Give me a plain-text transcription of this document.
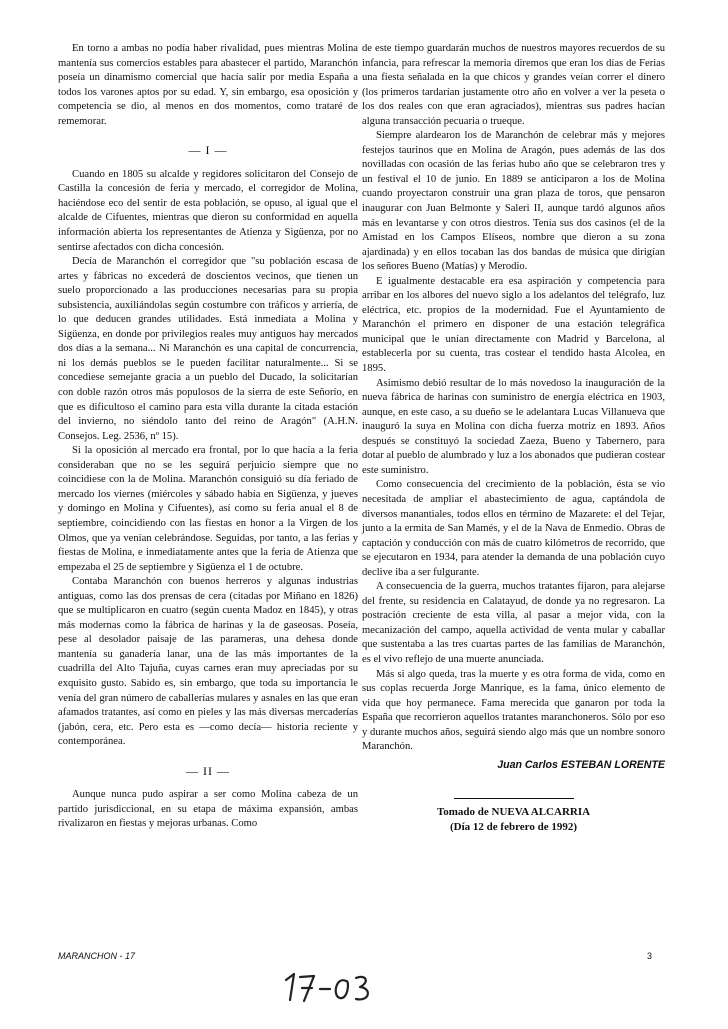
En torno a ambas no podía haber rivalidad, pues mientras Molina mantenía sus comercios estables para abastecer el partido, Maranchón poseía un dinamismo comercial que hacía salir por media España a todos los varones aptos por su edad. Y, sin embargo, esa oposición y competencia se dio, al menos en dos momentos, como trataré de rememorar.

— I —

Cuando en 1805 su alcalde y regidores solicitaron del Consejo de Castilla la concesión de feria y mercado, el corregidor de Molina, haciéndose eco del sentir de esta población, se opuso, al igual que el alcalde de Cifuentes, mientras que dieron su conformidad en aquella información abierta los representantes de Atienza y Sigüenza, por no sentirse afectados con dicha concesión.

Decía de Maranchón el corregidor que "su población escasa de artes y fábricas no excederá de doscientos vecinos, que tienen un suelo proporcionado a las producciones necesarias para su propia subsistencia, auxiliándolas según costumbre con tráficos y arriería, de lo que deducen grandes utilidades. Está inmediata a Molina y Sigüenza, en donde por privilegios reales muy antiguos hay mercados dos días a la semana... Ni Maranchón es una capital de concurrencia, ni los demás pueblos se le pueden facilitar naturalmente... Si se concediese semejante gracia a un pueblo del Ducado, la solicitarían con doble razón otros más populosos de la sierra de este Señorío, en que es dificultoso el camino para esta villa durante la citada estación del invierno, no siéndolo tanto del reino de Aragón" (A.H.N. Consejos. Leg. 2536, nº 15).

Si la oposición al mercado era frontal, por lo que hacía a la feria consideraban que no se les seguirá perjuicio siempre que no coincidiese con la de Molina. Maranchón consiguió su día feriado de mercado los viernes (miércoles y sábado había en Sigüenza, y jueves y domingo en Molina y Cifuentes), así como su feria anual el 8 de septiembre, coincidiendo con las fiestas en honor a la Virgen de los Olmos, que ya venían celebrándose. Seguidas, por tanto, a las ferias y fiestas de Molina, e inmediatamente antes que la feria de Atienza que empezaba el 25 de septiembre y Sigüenza el 1 de octubre.

Contaba Maranchón con buenos herreros y algunas industrias antiguas, como las dos prensas de cera (citadas por Miñano en 1826) que se multiplicaron en cuatro (según cuenta Madoz en 1845), y otras más modernas como la fábrica de harinas y la de gaseosas. Poseía, pese al desolador paisaje de las parameras, una dehesa donde mantenía su ganadería lanar, una de las más importantes de la cuadrilla del Alto Tajuña, cuyas carnes eran muy apreciadas por su exquisito gusto. Sabido es, sin embargo, que toda su importancia le venía del gran número de caballerías mulares y asnales en las que eran afamados tratantes, así como en pieles y las más diversas mercaderías (jabón, cera, etc. Pero esta es —como decía— historia reciente y contemporánea.

— II —

Aunque nunca pudo aspirar a ser como Molina cabeza de un partido jurisdiccional, en su etapa de máxima expansión, ambas rivalizaron en fiestas y mejoras urbanas. Como

de este tiempo guardarán muchos de nuestros mayores recuerdos de su infancia, para refrescar la memoria diremos que eran los días de Ferias una fiesta señalada en la que chicos y grandes veían correr el dinero (los primeros tardarían justamente otro año en volver a ver la peseta o los dos reales con que eran agraciados), mientras sus padres hacían alguna transacción pecuaria o trueque.

Siempre alardearon los de Maranchón de celebrar más y mejores festejos taurinos que en Molina de Aragón, pues además de las dos novilladas con ocasión de las ferias hubo año que se celebraron tres y un festival el 10 de junio. En 1889 se anticiparon a los de Molina cuando proyectaron construir una gran plaza de toros, que pensaron inaugurar con Juan Belmonte y Saleri II, aunque tardó algunos años más en levantarse y con otros diestros. Tenía sus dos casinos (el de la Amistad en los Campos Elíseos, nombre que dieron a su zona ajardinada) y en ellos tocaban las dos bandas de música que dirigían los señores Bueno (Matías) y Merodio.

E igualmente destacable era esa aspiración y competencia para arribar en los albores del nuevo siglo a los adelantos del telégrafo, luz eléctrica, etc. propios de la modernidad. Fue el Ayuntamiento de Maranchón el primero en disponer de una estación telegráfica municipal que le unían directamente con Madrid y Barcelona, al establecerla por su cuenta, tras costear el tendido hasta Alcolea, en 1895.

Asimismo debió resultar de lo más novedoso la inauguración de la nueva fábrica de harinas con suministro de energía eléctrica en 1903, aunque, en este caso, a su dueño se le adelantara Lucas Villanueva que inauguró la suya en Molina con dicha fuerza motriz en 1893. Años después se constituyó la sociedad Zaeza, Bueno y Tabernero, para dotar al pueblo de alumbrado y luz a los abonados que pudieran costear este suministro.

Como consecuencia del crecimiento de la población, ésta se vio necesitada de ampliar el abastecimiento de agua, captándola de diversos manantiales, todos ellos en término de Mazarete: el del Tejar, junto a la ermita de San Mamés, y el de la Nava de Enmedio. Obras de captación y conducción con más de cuatro kilómetros de recorrido, que se ejecutaron en 1934, para atender la demanda de una población cuyo declive iba a ser fulgurante.

A consecuencia de la guerra, muchos tratantes fijaron, para alejarse del frente, su residencia en Calatayud, de donde ya no regresaron. La postración creciente de esta villa, al pasar a mejor vida, con la mecanización del campo, aquella actividad de venta mular y caballar que sustentaba a las tres cuartas partes de las familias de Maranchón, es el vivo reflejo de una muerte anunciada.

Más si algo queda, tras la muerte y es otra forma de vida, como en sus coplas recuerda Jorge Manrique, es la fama, único elemento de vida que hoy permanece. Fama merecida que ganaron por toda la España que recorrieron aquellos tratantes maranchoneros. Sólo por eso y durante muchos años, seguirá siendo algo más que un nombre sonoro Maranchón.

Juan Carlos ESTEBAN LORENTE
Tomado de NUEVA ALCARRIA
(Día 12 de febrero de 1992)
MARANCHON - 17	3
